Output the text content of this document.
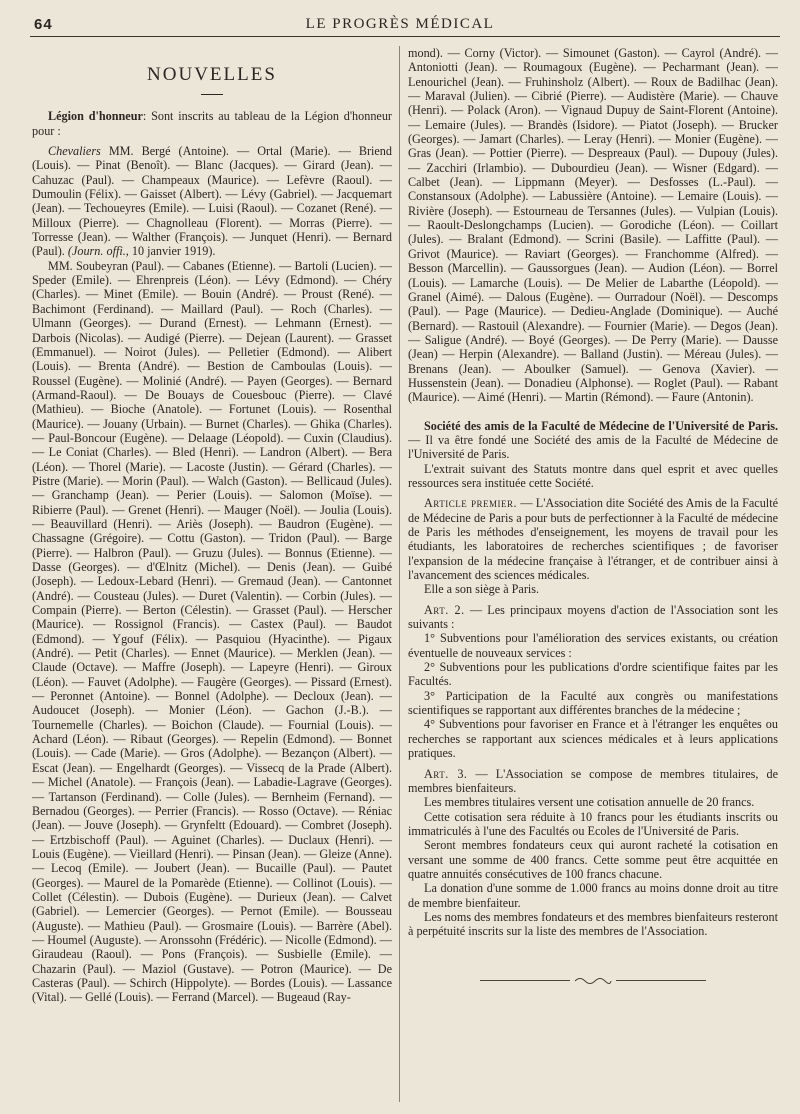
64	LE PROGRÈS MÉDICAL
NOUVELLES

Légion d'honneur: Sont inscrits au tableau de la Légion d'honneur pour :

Chevaliers MM. Bergé (Antoine). — Ortal (Marie). — Briend (Louis). — Pinat (Benoît). — Blanc (Jacques). — Girard (Jean). — Cahuzac (Paul). — Champeaux (Maurice). — Lefèvre (Raoul). — Dumoulin (Félix). — Gaisset (Albert). — Lévy (Gabriel). — Jacquemart (Jean). — Techoueyres (Emile). — Luisi (Raoul). — Cozanet (René). — Milloux (Pierre). — Chagnolleau (Florent). — Morras (Pierre). — Torresse (Jean). — Walther (François). — Junquet (Henri). — Bernard (Paul). (Journ. offi., 10 janvier 1919).

MM. Soubeyran (Paul). — Cabanes (Etienne). — Bartoli (Lucien). — Speder (Emile). — Ehrenpreis (Léon). — Lévy (Edmond). — Chéry (Charles). — Minet (Emile). — Bouin (André). — Proust (René). — Bachimont (Ferdinand). — Maillard (Paul). — Roch (Charles). — Ulmann (Georges). — Durand (Ernest). — Lehmann (Ernest). — Darbois (Nicolas). — Audigé (Pierre). — Dejean (Laurent). — Grasset (Emmanuel). — Noirot (Jules). — Pelletier (Edmond). — Alibert (Louis). — Brenta (André). — Bestion de Camboulas (Louis). — Roussel (Eugène). — Molinié (André). — Payen (Georges). — Bernard (Armand-Raoul). — De Bouays de Couesbouc (Pierre). — Clavé (Mathieu). — Bioche (Anatole). — Fortunet (Louis). — Rosenthal (Maurice). — Jouany (Urbain). — Burnet (Charles). — Ghika (Charles). — Paul-Boncour (Eugène). — Delaage (Léopold). — Cuxin (Claudius). — Le Coniat (Charles). — Bled (Henri). — Landron (Albert). — Bera (Léon). — Thorel (Marie). — Lacoste (Justin). — Gérard (Charles). — Pistre (Marie). — Morin (Paul). — Walch (Gaston). — Bellicaud (Jules). — Granchamp (Jean). — Perier (Louis). — Salomon (Moïse). — Ribierre (Paul). — Grenet (Henri). — Mauger (Noël). — Joulia (Louis). — Beauvillard (Henri). — Ariès (Joseph). — Baudron (Eugène). — Chassagne (Grégoire). — Cottu (Gaston). — Tridon (Paul). — Barge (Pierre). — Halbron (Paul). — Gruzu (Jules). — Bonnus (Etienne). — Dasse (Georges). — d'Œlnitz (Michel). — Denis (Jean). — Guibé (Joseph). — Ledoux-Lebard (Henri). — Gremaud (Jean). — Cantonnet (André). — Cousteau (Jules). — Duret (Valentin). — Corbin (Jules). — Compain (Pierre). — Berton (Célestin). — Grasset (Paul). — Herscher (Maurice). — Rossignol (Francis). — Castex (Paul). — Baudot (Edmond). — Ygouf (Félix). — Pasquiou (Hyacinthe). — Pigaux (André). — Petit (Charles). — Ennet (Maurice). — Merklen (Jean). — Claude (Octave). — Maffre (Joseph). — Lapeyre (Henri). — Giroux (Léon). — Fauvet (Adolphe). — Faugère (Georges). — Pissard (Ernest). — Peronnet (Antoine). — Bonnel (Adolphe). — Decloux (Jean). — Audoucet (Joseph). — Monier (Léon). — Gachon (J.-B.). — Tournemelle (Charles). — Boichon (Claude). — Fournial (Louis). — Achard (Léon). — Ribaut (Georges). — Repelin (Edmond). — Bonnet (Louis). — Cade (Marie). — Gros (Adolphe). — Bezançon (Albert). — Escat (Jean). — Engelhardt (Georges). — Vissecq de la Prade (Albert). — Michel (Anatole). — François (Jean). — Labadie-Lagrave (Georges). — Tartanson (Ferdinand). — Colle (Jules). — Bernheim (Fernand). — Bernadou (Georges). — Perrier (Francis). — Rosso (Octave). — Réniac (Jean). — Jouve (Joseph). — Grynfeltt (Edouard). — Combret (Joseph). — Ertzbischoff (Paul). — Aguinet (Charles). — Duclaux (Henri). — Louis (Eugène). — Vieillard (Henri). — Pinsan (Jean). — Gleize (Anne). — Lecoq (Emile). — Joubert (Jean). — Bucaille (Paul). — Pautet (Georges). — Maurel de la Pomarède (Etienne). — Collinot (Louis). — Collet (Célestin). — Dubois (Eugène). — Durieux (Jean). — Calvet (Gabriel). — Lemercier (Georges). — Pernot (Emile). — Bousseau (Auguste). — Mathieu (Paul). — Grosmaire (Louis). — Barrère (Abel). — Houmel (Auguste). — Aronssohn (Frédéric). — Nicolle (Edmond). — Giraudeau (Raoul). — Pons (François). — Susbielle (Emile). — Chazarin (Paul). — Maziol (Gustave). — Potron (Maurice). — De Casteras (Paul). — Schirch (Hippolyte). — Bordes (Louis). — Lassance (Vital). — Gellé (Louis). — Ferrand (Marcel). — Bugeaud (Ray-

mond). — Corny (Victor). — Simounet (Gaston). — Cayrol (André). — Antoniotti (Jean). — Roumagoux (Eugène). — Pecharmant (Jean). — Lenourichel (Jean). — Fruhinsholz (Albert). — Roux de Badilhac (Jean). — Maraval (Julien). — Cibrié (Pierre). — Audistère (Marie). — Chauve (Henri). — Polack (Aron). — Vignaud Dupuy de Saint-Florent (Antoine). — Lemaire (Jules). — Brandès (Isidore). — Piatot (Joseph). — Brucker (Georges). — Jamart (Charles). — Leray (Henri). — Monier (Eugène). — Gras (Jean). — Pottier (Pierre). — Despreaux (Paul). — Dupouy (Jules). — Zacchiri (Irlambio). — Dubourdieu (Jean). — Wisner (Edgard). — Calbet (Jean). — Lippmann (Meyer). — Desfosses (L.-Paul). — Constansoux (Adolphe). — Labussière (Antoine). — Lemaire (Louis). — Rivière (Joseph). — Estourneau de Tersannes (Jules). — Vulpian (Louis). — Raoult-Deslongchamps (Lucien). — Gorodiche (Léon). — Coillart (Jules). — Bralant (Edmond). — Scrini (Basile). — Laffitte (Paul). — Grivot (Maurice). — Raviart (Georges). — Franchomme (Alfred). — Besson (Marcellin). — Gaussorgues (Jean). — Audion (Léon). — Borrel (Louis). — Lamarche (Louis). — De Melier de Labarthe (Léopold). — Granel (Aimé). — Dalous (Eugène). — Ourradour (Noël). — Descomps (Paul). — Page (Maurice). — Dedieu-Anglade (Dominique). — Auché (Bernard). — Rastouil (Alexandre). — Fournier (Marie). — Degos (Jean). — Saligue (André). — Boyé (Georges). — De Perry (Marie). — Dausse (Jean) — Herpin (Alexandre). — Balland (Justin). — Méreau (Jules). — Brenans (Jean). — Aboulker (Samuel). — Genova (Xavier). — Hussenstein (Jean). — Donadieu (Alphonse). — Roglet (Paul). — Rabant (Maurice). — Aimé (Henri). — Martin (Rémond). — Faure (Antonin).

Société des amis de la Faculté de Médecine de l'Université de Paris. — Il va être fondé une Société des amis de la Faculté de Médecine de l'Université de Paris.

L'extrait suivant des Statuts montre dans quel esprit et avec quelles ressources sera instituée cette Société.

Article premier. — L'Association dite Société des Amis de la Faculté de Médecine de Paris a pour buts de perfectionner à la Faculté de médecine de Paris les méthodes d'enseignement, les moyens de travail pour les étudiants, les laboratoires de recherches scientifiques ; de favoriser l'expansion de la médecine française à l'étranger, et de contribuer ainsi à l'avancement des sciences médicales.

Elle a son siège à Paris.

Art. 2. — Les principaux moyens d'action de l'Association sont les suivants :

1° Subventions pour l'amélioration des services existants, ou création éventuelle de nouveaux services :

2° Subventions pour les publications d'ordre scientifique faites par les Facultés.

3° Participation de la Faculté aux congrès ou manifestations scientifiques se rapportant aux différentes branches de la médecine ;

4° Subventions pour favoriser en France et à l'étranger les enquêtes ou recherches se rapportant aux sciences médicales et à leurs applications pratiques.

Art. 3. — L'Association se compose de membres titulaires, de membres bienfaiteurs.

Les membres titulaires versent une cotisation annuelle de 20 francs.

Cette cotisation sera réduite à 10 francs pour les étudiants inscrits ou immatriculés à l'une des Facultés ou Ecoles de l'Université de Paris.

Seront membres fondateurs ceux qui auront racheté la cotisation en versant une somme de 400 francs. Cette somme peut être acquittée en quatre annuités consécutives de 100 francs chacune.

La donation d'une somme de 1.000 francs au moins donne droit au titre de membre bienfaiteur.

Les noms des membres fondateurs et des membres bienfaiteurs resteront à perpétuité inscrits sur la liste des membres de l'Association.
